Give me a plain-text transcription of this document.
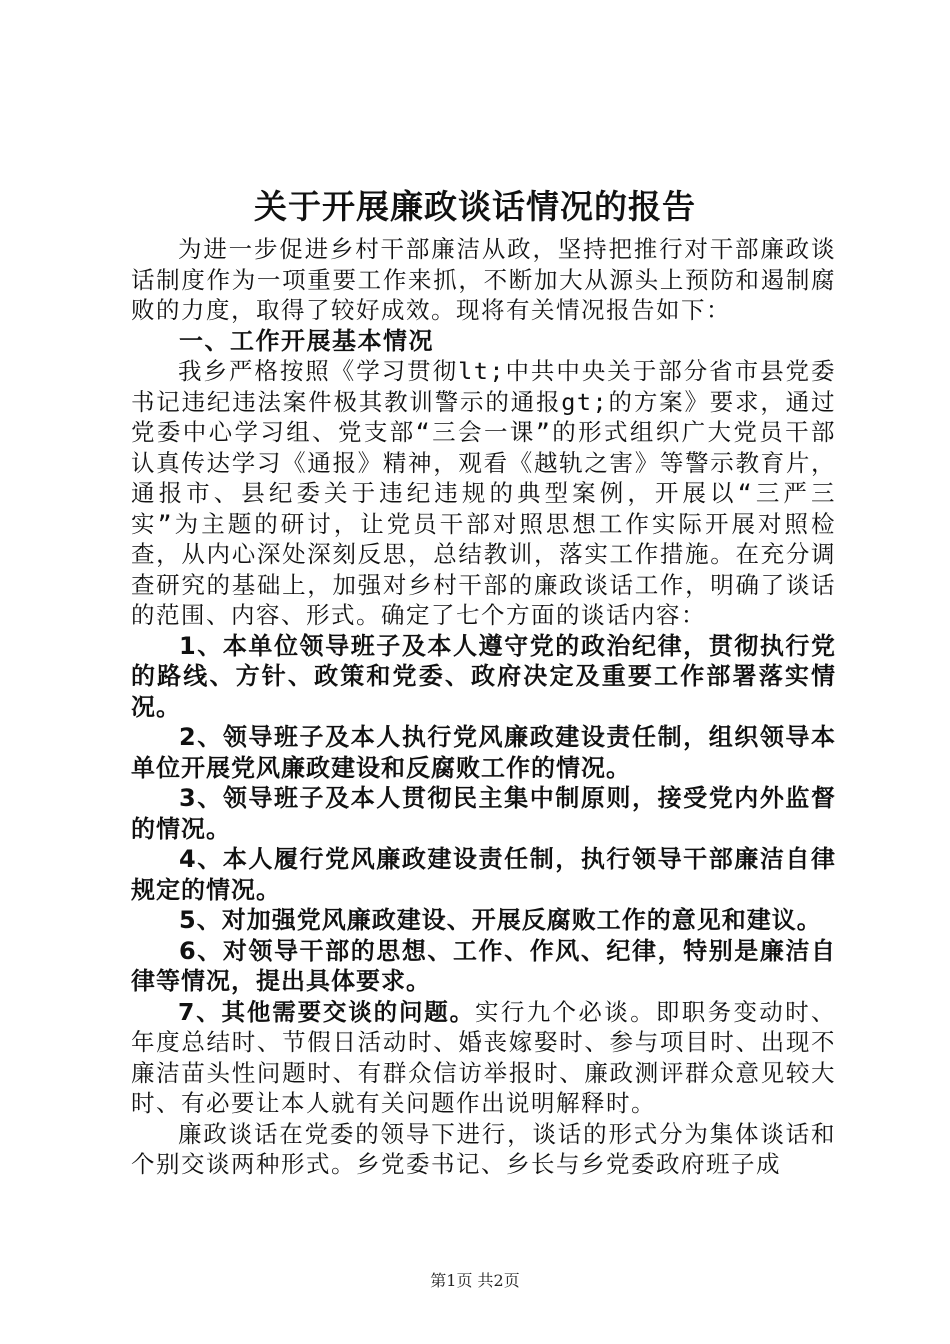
关于开展廉政谈话情况的报告

为进一步促进乡村干部廉洁从政，坚持把推行对干部廉政谈话制度作为一项重要工作来抓，不断加大从源头上预防和遏制腐败的力度，取得了较好成效。现将有关情况报告如下：

一、工作开展基本情况

我乡严格按照《学习贯彻lt;中共中央关于部分省市县党委书记违纪违法案件极其教训警示的通报gt;的方案》要求，通过党委中心学习组、党支部“三会一课”的形式组织广大党员干部认真传达学习《通报》精神，观看《越轨之害》等警示教育片，通报市、县纪委关于违纪违规的典型案例，开展以“三严三实”为主题的研讨，让党员干部对照思想工作实际开展对照检查，从内心深处深刻反思，总结教训，落实工作措施。在充分调查研究的基础上，加强对乡村干部的廉政谈话工作，明确了谈话的范围、内容、形式。确定了七个方面的谈话内容：

1、本单位领导班子及本人遵守党的政治纪律，贯彻执行党的路线、方针、政策和党委、政府决定及重要工作部署落实情况。

2、领导班子及本人执行党风廉政建设责任制，组织领导本单位开展党风廉政建设和反腐败工作的情况。

3、领导班子及本人贯彻民主集中制原则，接受党内外监督的情况。

4、本人履行党风廉政建设责任制，执行领导干部廉洁自律规定的情况。

5、对加强党风廉政建设、开展反腐败工作的意见和建议。

6、对领导干部的思想、工作、作风、纪律，特别是廉洁自律等情况，提出具体要求。

7、其他需要交谈的问题。实行九个必谈。即职务变动时、年度总结时、节假日活动时、婚丧嫁娶时、参与项目时、出现不廉洁苗头性问题时、有群众信访举报时、廉政测评群众意见较大时、有必要让本人就有关问题作出说明解释时。

廉政谈话在党委的领导下进行，谈话的形式分为集体谈话和个别交谈两种形式。乡党委书记、乡长与乡党委政府班子成

第1页 共2页
